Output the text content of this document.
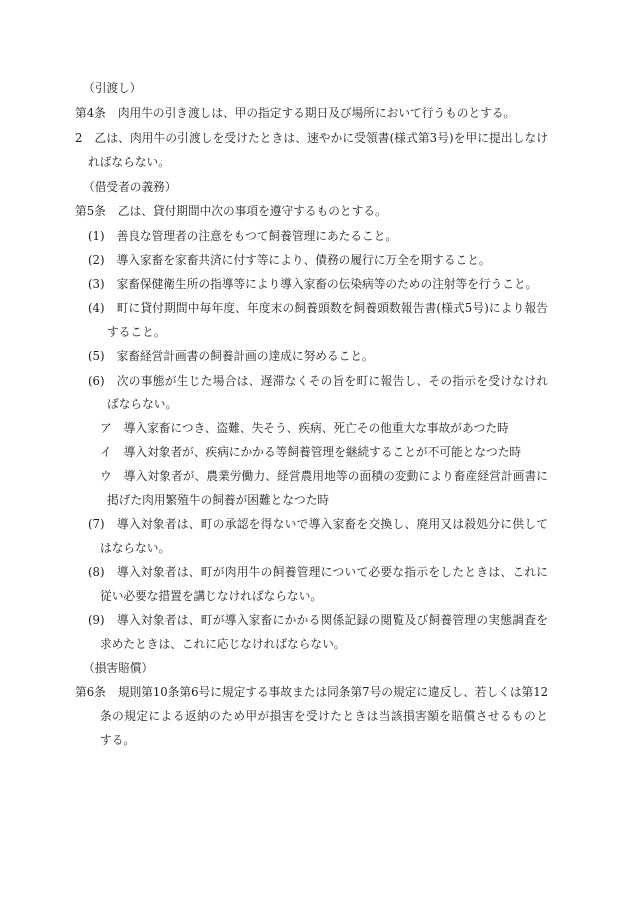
（引渡し）
第4条 肉用牛の引き渡しは、甲の指定する期日及び場所において行うものとする。
2 乙は、肉用牛の引渡しを受けたときは、速やかに受領書(様式第3号)を甲に提出しなけ
ればならない。
（借受者の義務）
第5条 乙は、貸付期間中次の事項を遵守するものとする。
(1) 善良な管理者の注意をもつて飼養管理にあたること。
(2) 導入家畜を家畜共済に付す等により、債務の履行に万全を期すること。
(3) 家畜保健衛生所の指導等により導入家畜の伝染病等のための注射等を行うこと。
(4) 町に貸付期間中毎年度、年度末の飼養頭数を飼養頭数報告書(様式5号)により報告
すること。
(5) 家畜経営計画書の飼養計画の達成に努めること。
(6) 次の事態が生じた場合は、遅滞なくその旨を町に報告し、その指示を受けなけれ
ばならない。
ア 導入家畜につき、盗難、失そう、疾病、死亡その他重大な事故があつた時
イ 導入対象者が、疾病にかかる等飼養管理を継続することが不可能となつた時
ウ 導入対象者が、農業労働力、経営農用地等の面積の変動により畜産経営計画書に
掲げた肉用繁殖牛の飼養が困難となつた時
(7) 導入対象者は、町の承認を得ないで導入家畜を交換し、廃用又は殺処分に供して
はならない。
(8) 導入対象者は、町が肉用牛の飼養管理について必要な指示をしたときは、これに
従い必要な措置を講じなければならない。
(9) 導入対象者は、町が導入家畜にかかる関係記録の閲覧及び飼養管理の実態調査を
求めたときは、これに応じなければならない。
（損害賠償）
第6条 規則第10条第6号に規定する事故または同条第7号の規定に違反し、若しくは第12
条の規定による返納のため甲が損害を受けたときは当該損害額を賠償させるものと
する。
